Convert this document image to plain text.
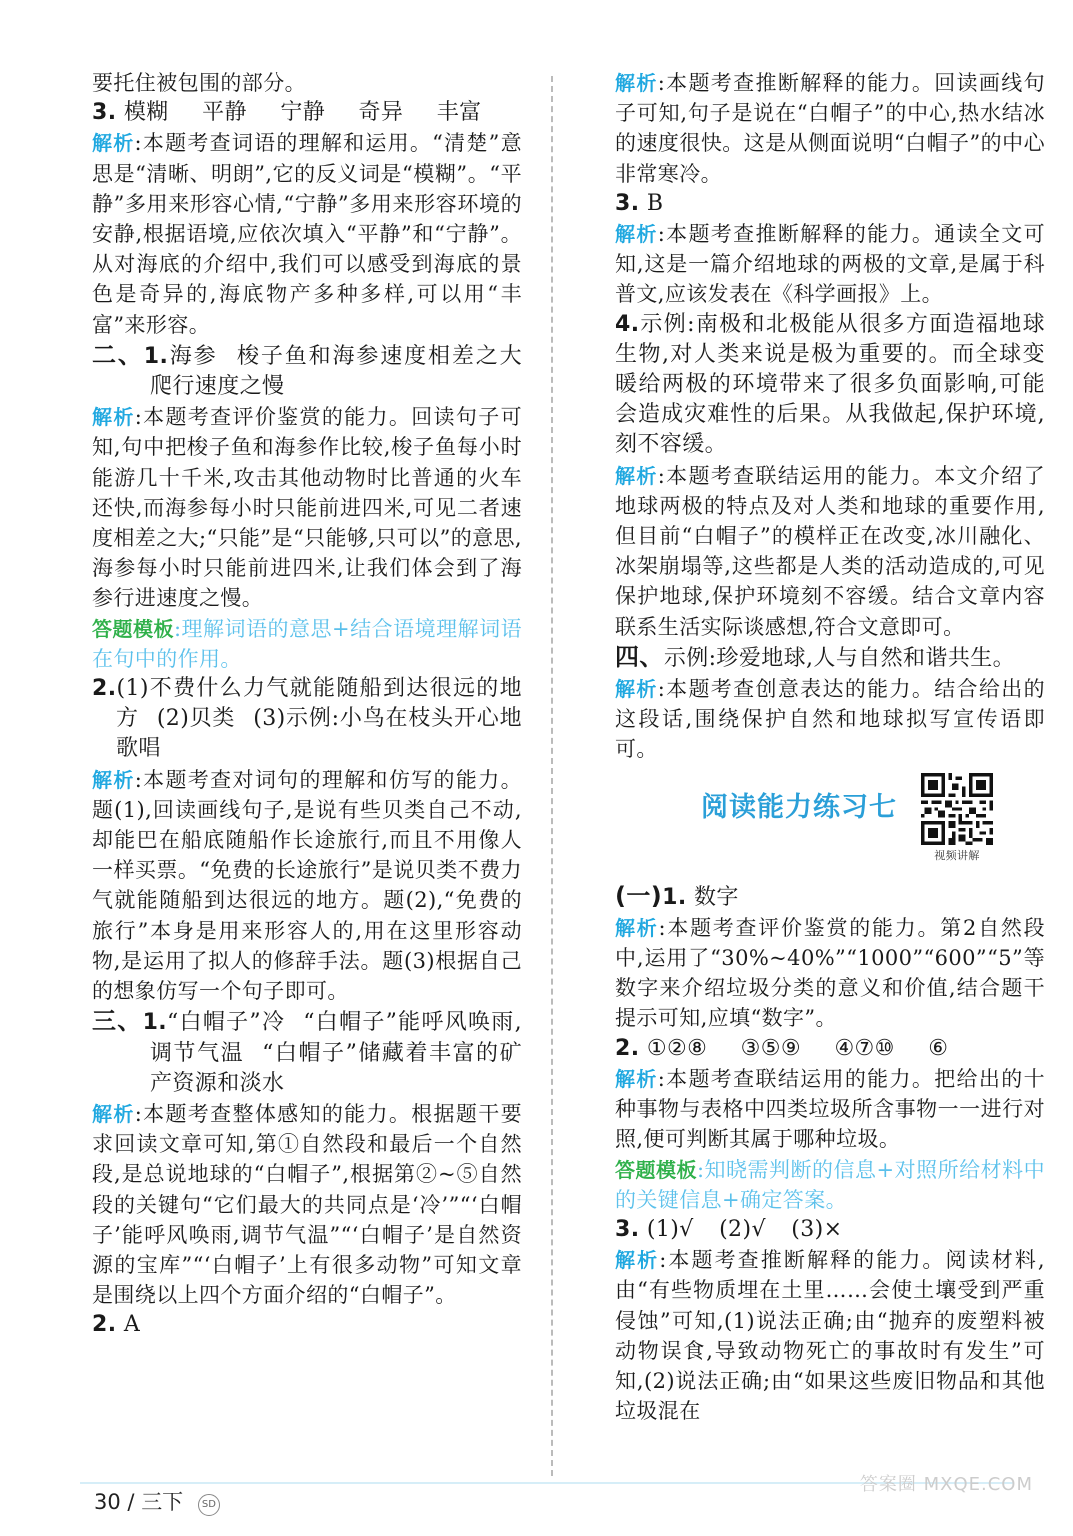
要托住被包围的部分。

3. 模糊 平静 宁静 奇异 丰富

解析:本题考查词语的理解和运用。“清楚”意思是“清晰、明朗”,它的反义词是“模糊”。“平静”多用来形容心情,“宁静”多用来形容环境的安静,根据语境,应依次填入“平静”和“宁静”。从对海底的介绍中,我们可以感受到海底的景色是奇异的,海底物产多种多样,可以用“丰富”来形容。

二、1.海参 梭子鱼和海参速度相差之大 爬行速度之慢

解析:本题考查评价鉴赏的能力。回读句子可知,句中把梭子鱼和海参作比较,梭子鱼每小时能游几十千米,攻击其他动物时比普通的火车还快,而海参每小时只能前进四米,可见二者速度相差之大;“只能”是“只能够,只可以”的意思,海参每小时只能前进四米,让我们体会到了海参行进速度之慢。

答题模板:理解词语的意思+结合语境理解词语在句中的作用。

2.(1)不费什么力气就能随船到达很远的地方 (2)贝类 (3)示例:小鸟在枝头开心地歌唱

解析:本题考查对词句的理解和仿写的能力。题(1),回读画线句子,是说有些贝类自己不动,却能巴在船底随船作长途旅行,而且不用像人一样买票。“免费的长途旅行”是说贝类不费力气就能随船到达很远的地方。题(2),“免费的旅行”本身是用来形容人的,用在这里形容动物,是运用了拟人的修辞手法。题(3)根据自己的想象仿写一个句子即可。

三、1.“白帽子”冷 “白帽子”能呼风唤雨,调节气温 “白帽子”储藏着丰富的矿产资源和淡水

解析:本题考查整体感知的能力。根据题干要求回读文章可知,第①自然段和最后一个自然段,是总说地球的“白帽子”,根据第②~⑤自然段的关键句“它们最大的共同点是‘冷’”“‘白帽子’能呼风唤雨,调节气温”“‘白帽子’是自然资源的宝库”“‘白帽子’上有很多动物”可知文章是围绕以上四个方面介绍的“白帽子”。

2. A

解析:本题考查推断解释的能力。回读画线句子可知,句子是说在“白帽子”的中心,热水结冰的速度很快。这是从侧面说明“白帽子”的中心非常寒冷。

3. B

解析:本题考查推断解释的能力。通读全文可知,这是一篇介绍地球的两极的文章,是属于科普文,应该发表在《科学画报》上。

4.示例:南极和北极能从很多方面造福地球生物,对人类来说是极为重要的。而全球变暖给两极的环境带来了很多负面影响,可能会造成灾难性的后果。从我做起,保护环境,刻不容缓。

解析:本题考查联结运用的能力。本文介绍了地球两极的特点及对人类和地球的重要作用,但目前“白帽子”的模样正在改变,冰川融化、冰架崩塌等,这些都是人类的活动造成的,可见保护地球,保护环境刻不容缓。结合文章内容联系生活实际谈感想,符合文意即可。

四、示例:珍爱地球,人与自然和谐共生。

解析:本题考查创意表达的能力。结合给出的这段话,围绕保护自然和地球拟写宣传语即可。

阅读能力练习七
视频讲解

(一)1. 数字

解析:本题考查评价鉴赏的能力。第2自然段中,运用了“30%~40%”“1000”“600”“5”等数字来介绍垃圾分类的意义和价值,结合题干提示可知,应填“数字”。

2. ①②⑧ ③⑤⑨ ④⑦⑩ ⑥

解析:本题考查联结运用的能力。把给出的十种事物与表格中四类垃圾所含事物一一进行对照,便可判断其属于哪种垃圾。

答题模板:知晓需判断的信息+对照所给材料中的关键信息+确定答案。

3. (1)√ (2)√ (3)×

解析:本题考查推断解释的能力。阅读材料,由“有些物质埋在土里……会使土壤受到严重侵蚀”可知,(1)说法正确;由“抛弃的废塑料被动物误食,导致动物死亡的事故时有发生”可知,(2)说法正确;由“如果这些废旧物品和其他垃圾混在

30 / 三下 SD
答案圈 MXQE.COM
